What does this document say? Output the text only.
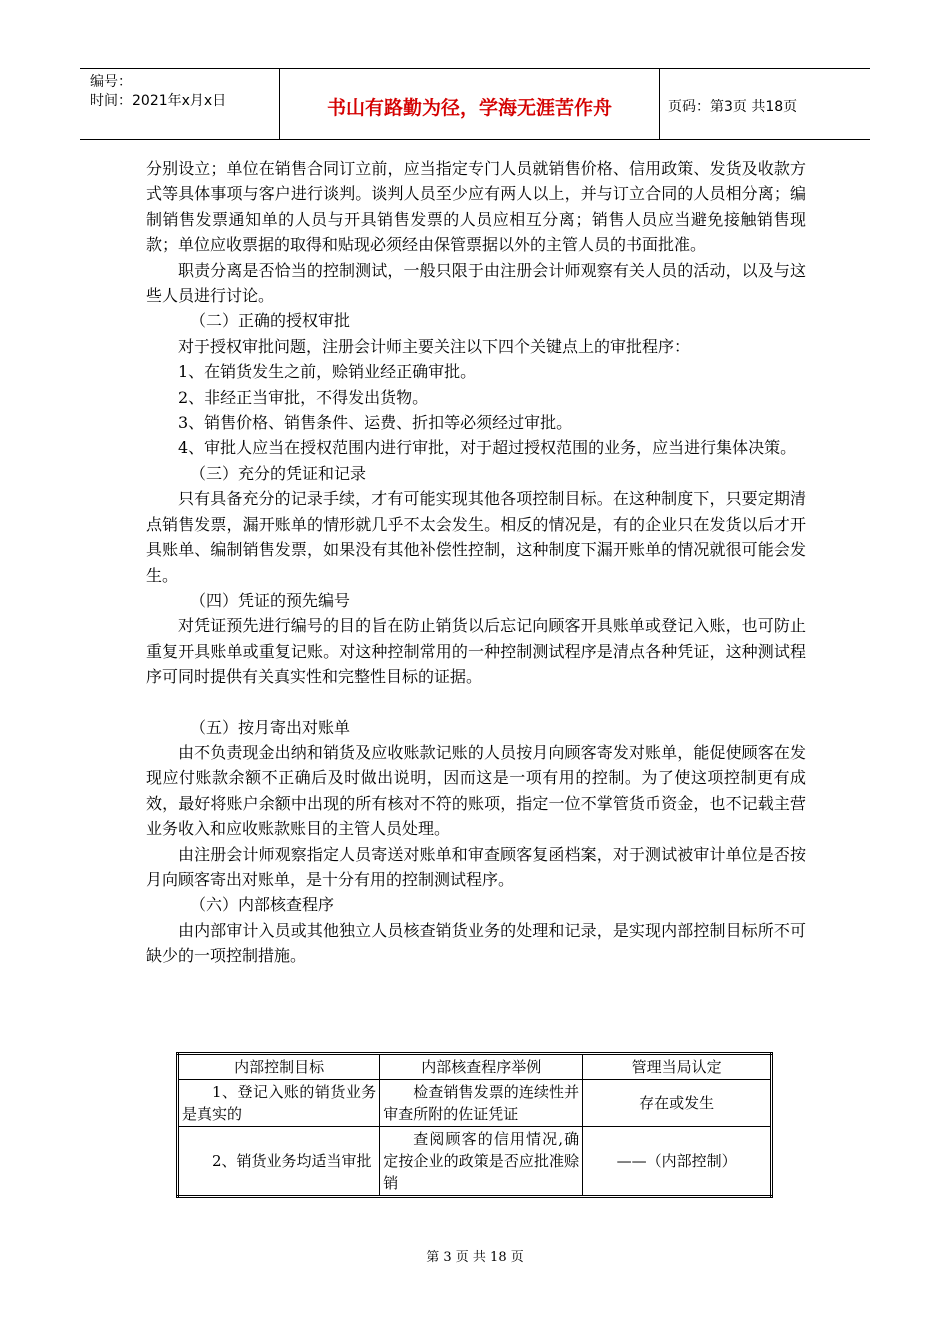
编号：
时间：2021年x月x日	书山有路勤为径，学海无涯苦作舟	页码：第3页 共18页

分别设立；单位在销售合同订立前，应当指定专门人员就销售价格、信用政策、发货及收款方式等具体事项与客户进行谈判。谈判人员至少应有两人以上，并与订立合同的人员相分离；编制销售发票通知单的人员与开具销售发票的人员应相互分离；销售人员应当避免接触销售现款；单位应收票据的取得和贴现必须经由保管票据以外的主管人员的书面批准。

职责分离是否恰当的控制测试，一般只限于由注册会计师观察有关人员的活动，以及与这些人员进行讨论。

（二）正确的授权审批

对于授权审批问题，注册会计师主要关注以下四个关键点上的审批程序：

1、在销货发生之前，赊销业经正确审批。

2、非经正当审批，不得发出货物。

3、销售价格、销售条件、运费、折扣等必须经过审批。

4、审批人应当在授权范围内进行审批，对于超过授权范围的业务，应当进行集体决策。

（三）充分的凭证和记录

只有具备充分的记录手续，才有可能实现其他各项控制目标。在这种制度下，只要定期清点销售发票，漏开账单的情形就几乎不太会发生。相反的情况是，有的企业只在发货以后才开具账单、编制销售发票，如果没有其他补偿性控制，这种制度下漏开账单的情况就很可能会发生。

（四）凭证的预先编号

对凭证预先进行编号的目的旨在防止销货以后忘记向顾客开具账单或登记入账，也可防止重复开具账单或重复记账。对这种控制常用的一种控制测试程序是清点各种凭证，这种测试程序可同时提供有关真实性和完整性目标的证据。

（五）按月寄出对账单

由不负责现金出纳和销货及应收账款记账的人员按月向顾客寄发对账单，能促使顾客在发现应付账款余额不正确后及时做出说明，因而这是一项有用的控制。为了使这项控制更有成效，最好将账户余额中出现的所有核对不符的账项，指定一位不掌管货币资金，也不记载主营业务收入和应收账款账目的主管人员处理。

由注册会计师观察指定人员寄送对账单和审查顾客复函档案，对于测试被审计单位是否按月向顾客寄出对账单，是十分有用的控制测试程序。

（六）内部核查程序

由内部审计入员或其他独立人员核查销货业务的处理和记录，是实现内部控制目标所不可缺少的一项控制措施。

内部控制目标	内部核查程序举例	管理当局认定

1、登记入账的销货业务是真实的	检查销售发票的连续性并审查所附的佐证凭证	存在或发生

2、销货业务均适当审批	查阅顾客的信用情况,确定按企业的政策是否应批准赊销	——（内部控制）
第 3 页 共 18 页
